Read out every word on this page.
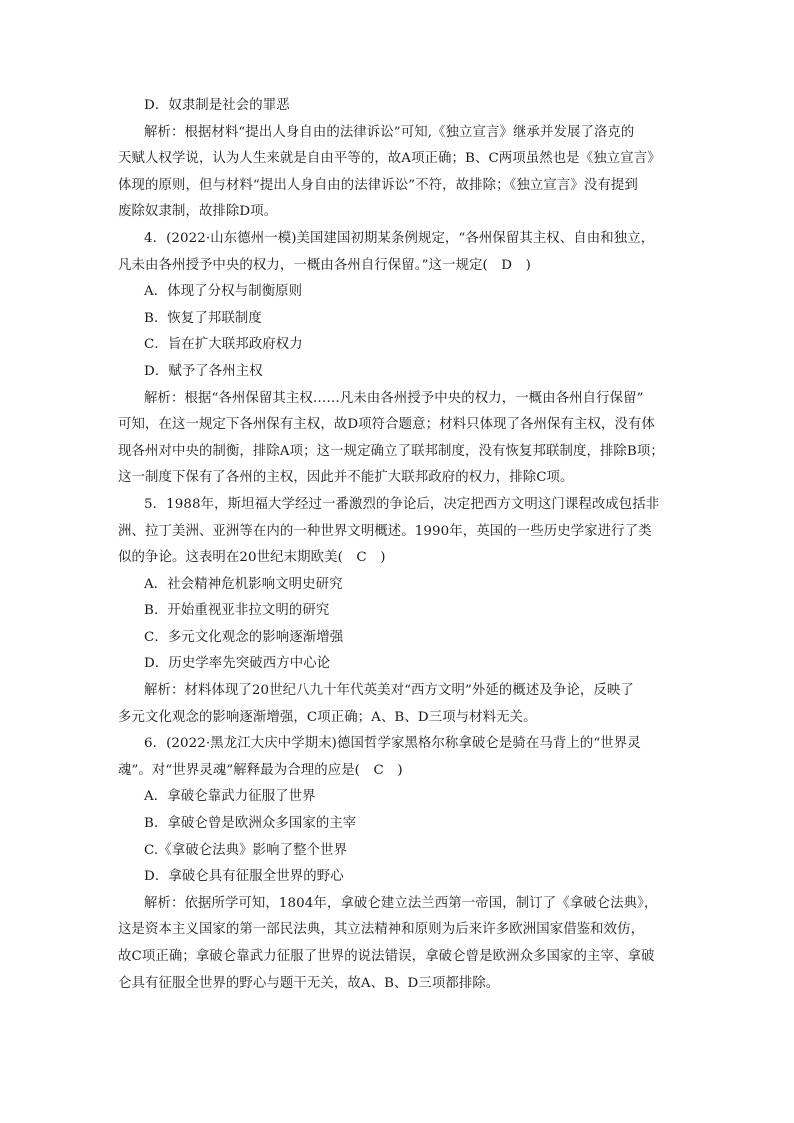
D．奴隶制是社会的罪恶
解析：根据材料“提出人身自由的法律诉讼”可知,《独立宣言》继承并发展了洛克的
天赋人权学说，认为人生来就是自由平等的，故A项正确；B、C两项虽然也是《独立宣言》
体现的原则，但与材料“提出人身自由的法律诉讼”不符，故排除；《独立宣言》没有提到
废除奴隶制，故排除D项。
4．(2022·山东德州一模)美国建国初期某条例规定，“各州保留其主权、自由和独立，
凡未由各州授予中央的权力，一概由各州自行保留。”这一规定(　D　)
A．体现了分权与制衡原则
B．恢复了邦联制度
C．旨在扩大联邦政府权力
D．赋予了各州主权
解析：根据“各州保留其主权……凡未由各州授予中央的权力，一概由各州自行保留”
可知，在这一规定下各州保有主权，故D项符合题意；材料只体现了各州保有主权，没有体
现各州对中央的制衡，排除A项；这一规定确立了联邦制度，没有恢复邦联制度，排除B项；
这一制度下保有了各州的主权，因此并不能扩大联邦政府的权力，排除C项。
5．1988年，斯坦福大学经过一番激烈的争论后，决定把西方文明这门课程改成包括非
洲、拉丁美洲、亚洲等在内的一种世界文明概述。1990年，英国的一些历史学家进行了类
似的争论。这表明在20世纪末期欧美(　C　)
A．社会精神危机影响文明史研究
B．开始重视亚非拉文明的研究
C．多元文化观念的影响逐渐增强
D．历史学率先突破西方中心论
解析：材料体现了20世纪八九十年代英美对“西方文明”外延的概述及争论，反映了
多元文化观念的影响逐渐增强，C项正确；A、B、D三项与材料无关。
6．(2022·黑龙江大庆中学期末)德国哲学家黑格尔称拿破仑是骑在马背上的“世界灵
魂”。对“世界灵魂”解释最为合理的应是(　C　)
A．拿破仑靠武力征服了世界
B．拿破仑曾是欧洲众多国家的主宰
C.《拿破仑法典》影响了整个世界
D．拿破仑具有征服全世界的野心
解析：依据所学可知，1804年，拿破仑建立法兰西第一帝国，制订了《拿破仑法典》，
这是资本主义国家的第一部民法典，其立法精神和原则为后来许多欧洲国家借鉴和效仿，
故C项正确；拿破仑靠武力征服了世界的说法错误，拿破仑曾是欧洲众多国家的主宰、拿破
仑具有征服全世界的野心与题干无关，故A、B、D三项都排除。
